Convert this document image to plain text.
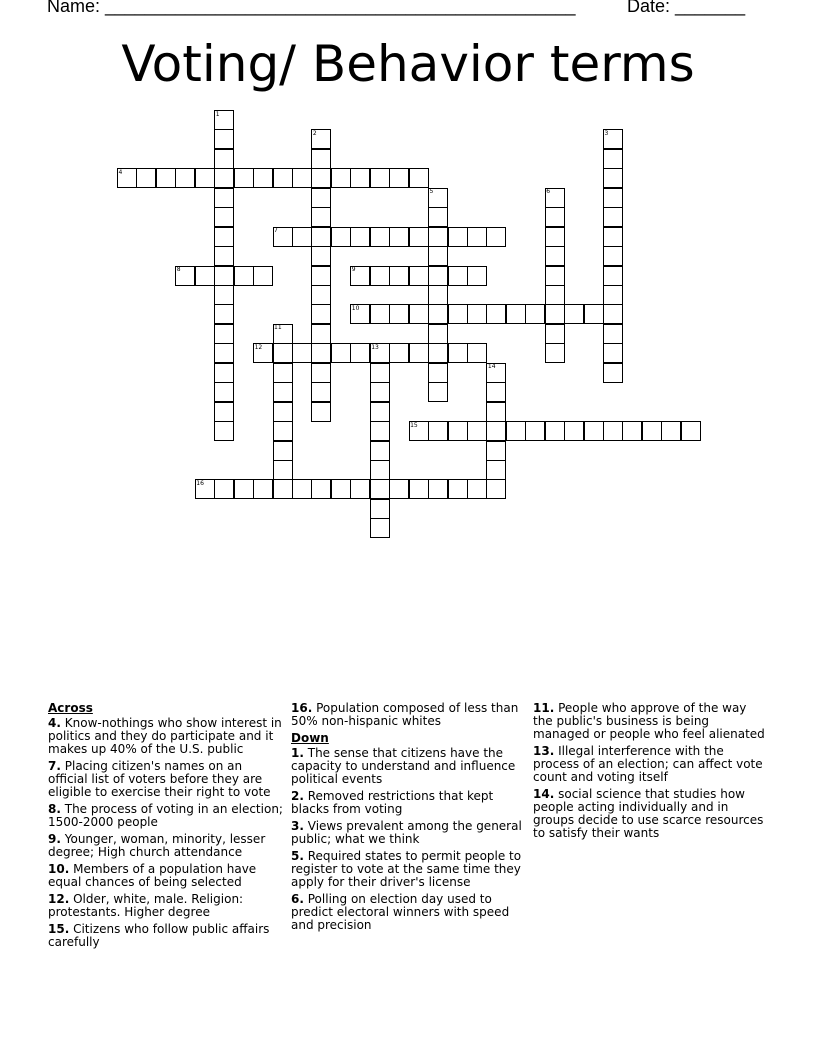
Name: _______________________________________________	Date: _______
Voting/ Behavior terms
1
2	3
4
5	6
7
8	9
10
11
12	13
14
15
16
Across
4. Know-nothings who show interest in politics and they do participate and it makes up 40% of the U.S. public
7. Placing citizen's names on an official list of voters before they are eligible to exercise their right to vote
8. The process of voting in an election; 1500-2000 people
9. Younger, woman, minority, lesser degree; High church attendance
10. Members of a population have equal chances of being selected
12. Older, white, male. Religion: protestants. Higher degree
15. Citizens who follow public affairs carefully
16. Population composed of less than 50% non-hispanic whites
Down
1. The sense that citizens have the capacity to understand and influence political events
2. Removed restrictions that kept blacks from voting
3. Views prevalent among the general public; what we think
5. Required states to permit people to register to vote at the same time they apply for their driver's license
6. Polling on election day used to predict electoral winners with speed and precision
11. People who approve of the way the public's business is being managed or people who feel alienated
13. Illegal interference with the process of an election; can affect vote count and voting itself
14. social science that studies how people acting individually and in groups decide to use scarce resources to satisfy their wants
